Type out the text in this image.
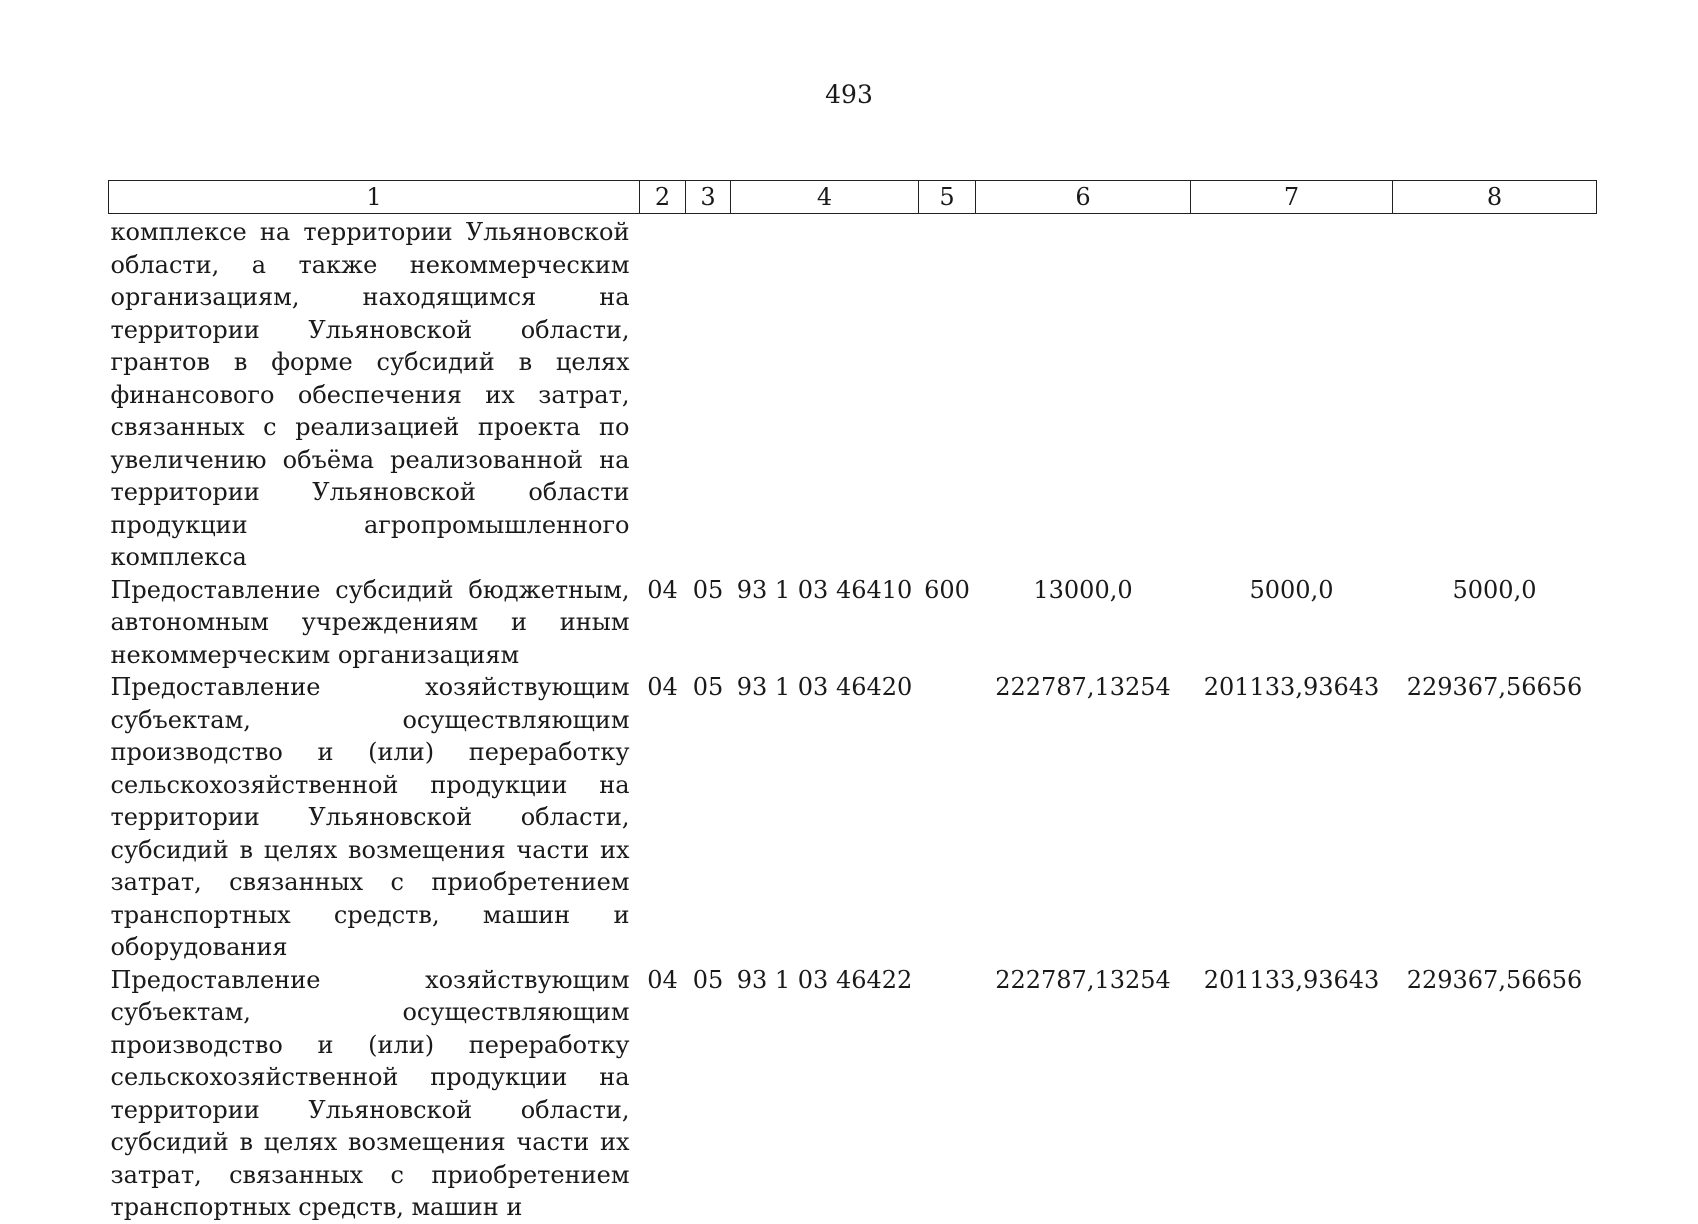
493
1	2	3	4	5	6	7	8
комплексе на территории Ульяновской области, а также некоммерческим организациям, находящимся на территории Ульяновской области, грантов в форме субсидий в целях финансового обеспечения их затрат, связанных с реализацией проекта по увеличению объёма реализованной на территории Ульяновской области продукции агропромышленного комплекса							
Предоставление субсидий бюджетным, автономным учреждениям и иным некоммерческим организациям	04	05	93 1 03 46410	600	13000,0	5000,0	5000,0
Предоставление хозяйствующим субъектам, осуществляющим производство и (или) переработку сельскохозяйственной продукции на территории Ульяновской области, субсидий в целях возмещения части их затрат, связанных с приобретением транспортных средств, машин и оборудования	04	05	93 1 03 46420		222787,13254	201133,93643	229367,56656
Предоставление хозяйствующим субъектам, осуществляющим производство и (или) переработку сельскохозяйственной продукции на территории Ульяновской области, субсидий в целях возмещения части их затрат, связанных с приобретением транспортных средств, машин и	04	05	93 1 03 46422		222787,13254	201133,93643	229367,56656
